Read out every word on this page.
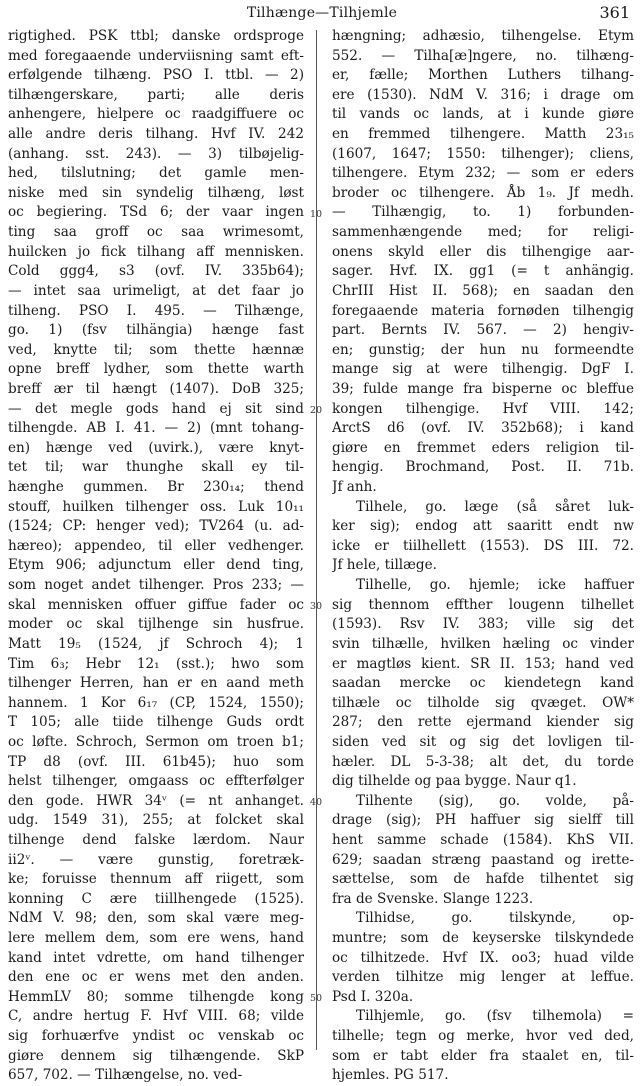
Tilhænge—Tilhjemle	361
rigtighed. PSK ttbl; danske ordsproge
med foregaaende underviisning samt eft-
erfølgende tilhæng. PSO I. ttbl. — 2)
tilhængerskare, parti; alle deris
anhengere, hielpere oc raadgiffuere oc
alle andre deris tilhang. Hvf IV. 242
(anhang. sst. 243). — 3) tilbøjelig-
hed, tilslutning; det gamle men-
niske med sin syndelig tilhæng, løst
oc begiering. TSd 6; der vaar ingen
ting saa groff oc saa wrimesomt,
huilcken jo fick tilhang aff mennisken.
Cold ggg4, s3 (ovf. IV. 335b64);
— intet saa urimeligt, at det faar jo
tilheng. PSO I. 495. — Tilhænge,
go. 1) (fsv tilhängia) hænge fast
ved, knytte til; som thette hænnæ
opne breff lydher, som thette warth
breff ær til hængt (1407). DoB 325;
— det megle gods hand ej sit sind
tilhengde. AB I. 41. — 2) (mnt tohang-
en) hænge ved (uvirk.), være knyt-
tet til; war thunghe skall ey til-
hænghe gummen. Br 230₁₄; thend
stouff, huilken tilhenger oss. Luk 10₁₁
(1524; CP: henger ved); TV264 (u. ad-
hæreo); appendeo, til eller vedhenger.
Etym 906; adjunctum eller dend ting,
som noget andet tilhenger. Pros 233; —
skal mennisken offuer giffue fader oc
moder oc skal tijlhenge sin husfrue.
Matt 19₅ (1524, jf Schroch 4); 1
Tim 6₃; Hebr 12₁ (sst.); hwo som
tilhenger Herren, han er en aand meth
hannem. 1 Kor 6₁₇ (CP, 1524, 1550);
T 105; alle tiide tilhenge Guds ordt
oc løfte. Schroch, Sermon om troen b1;
TP d8 (ovf. III. 61b45); huo som
helst tilhenger, omgaass oc effterfølger
den gode. HWR 34ᵛ (= nt anhanget.
udg. 1549 31), 255; at folcket skal
tilhenge dend falske lærdom. Naur
ii2ᵛ. — være gunstig, foretræk-
ke; foruisse thennum aff riigett, som
konning C ære tiillhengede (1525).
NdM V. 98; den, som skal være meg-
lere mellem dem, som ere wens, hand
kand intet vdrette, om hand tilhenger
den ene oc er wens met den anden.
HemmLV 80; somme tilhengde kong
C, andre hertug F. Hvf VIII. 68; vilde
sig forhuærfve yndist oc venskab oc
giøre dennem sig tilhængende. SkP
657, 702. — Tilhængelse, no. ved-
hængning; adhæsio, tilhengelse. Etym
552. — Tilha[æ]ngere, no. tilhæng-
er, fælle; Morthen Luthers tilhang-
ere (1530). NdM V. 316; i drage om
til vands oc lands, at i kunde giøre
en fremmed tilhengere. Matth 23₁₅
(1607, 1647; 1550: tilhenger); cliens,
tilhengere. Etym 232; — som er eders
broder oc tilhengere. Åb 1₉. Jf medh.
— Tilhængig, to. 1) forbunden-
sammenhængende med; for religi-
onens skyld eller dis tilhengige aar-
sager. Hvf. IX. gg1 (= t anhängig.
ChrIII Hist II. 568); en saadan den
foregaaende materia fornøden tilhengig
part. Bernts IV. 567. — 2) hengiv-
en; gunstig; der hun nu formeendte
mange sig at were tilhengig. DgF I.
39; fulde mange fra bisperne oc bleffue
kongen tilhengige. Hvf VIII. 142;
ArctS d6 (ovf. IV. 352b68); i kand
giøre en fremmet eders religion til-
hengig. Brochmand, Post. II. 71b.
Jf anh.
Tilhele, go. læge (så såret luk-
ker sig); endog att saaritt endt nw
icke er tiilhellett (1553). DS III. 72.
Jf hele, tillæge.
Tilhelle, go. hjemle; icke haffuer
sig thennom effther lougenn tilhellet
(1593). Rsv IV. 383; ville sig det
svin tilhælle, hvilken hæling oc vinder
er magtløs kient. SR II. 153; hand ved
saadan mercke oc kiendetegn kand
tilhæle oc tilholde sig qvæget. OW*
287; den rette ejermand kiender sig
siden ved sit og sig det lovligen til-
hæler. DL 5-3-38; alt det, du torde
dig tilhelde og paa bygge. Naur q1.
Tilhente (sig), go. volde, på-
drage (sig); PH haffuer sig sielff till
hent samme schade (1584). KhS VII.
629; saadan stræng paastand og irette-
sættelse, som de hafde tilhentet sig
fra de Svenske. Slange 1223.
Tilhidse, go. tilskynde, op-
muntre; som de keyserske tilskyndede
oc tilhitzede. Hvf IX. oo3; huad vilde
verden tilhitze mig lenger at leffue.
Psd I. 320a.
Tilhjemle, go. (fsv tilhemola) =
tilhelle; tegn og merke, hvor ved ded,
som er tabt elder fra staalet en, til-
hjemles. PG 517.
10
20
30
40
50
